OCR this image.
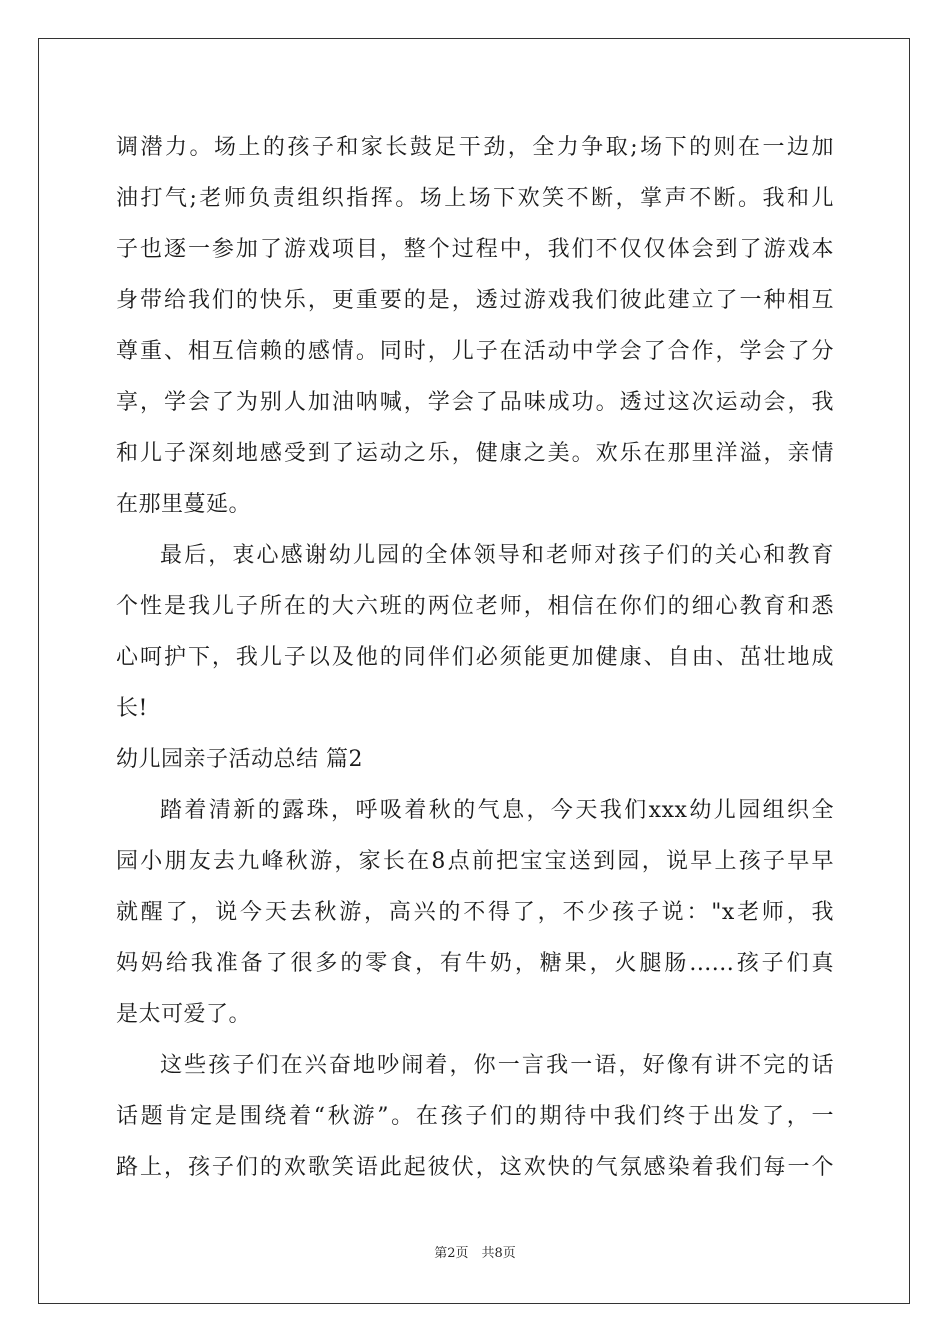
调潜力。场上的孩子和家长鼓足干劲，全力争取;场下的则在一边加
油打气;老师负责组织指挥。场上场下欢笑不断，掌声不断。我和儿
子也逐一参加了游戏项目，整个过程中，我们不仅仅体会到了游戏本
身带给我们的快乐，更重要的是，透过游戏我们彼此建立了一种相互
尊重、相互信赖的感情。同时，儿子在活动中学会了合作，学会了分
享，学会了为别人加油呐喊，学会了品味成功。透过这次运动会，我
和儿子深刻地感受到了运动之乐，健康之美。欢乐在那里洋溢，亲情
在那里蔓延。
最后，衷心感谢幼儿园的全体领导和老师对孩子们的关心和教育
个性是我儿子所在的大六班的两位老师，相信在你们的细心教育和悉
心呵护下，我儿子以及他的同伴们必须能更加健康、自由、茁壮地成
长!
幼儿园亲子活动总结 篇2
踏着清新的露珠，呼吸着秋的气息，今天我们xxx幼儿园组织全
园小朋友去九峰秋游，家长在8点前把宝宝送到园，说早上孩子早早
就醒了，说今天去秋游，高兴的不得了，不少孩子说："x老师，我
妈妈给我准备了很多的零食，有牛奶，糖果，火腿肠......孩子们真
是太可爱了。
这些孩子们在兴奋地吵闹着，你一言我一语，好像有讲不完的话
话题肯定是围绕着“秋游”。在孩子们的期待中我们终于出发了，一
路上，孩子们的欢歌笑语此起彼伏，这欢快的气氛感染着我们每一个
第2页　共8页
